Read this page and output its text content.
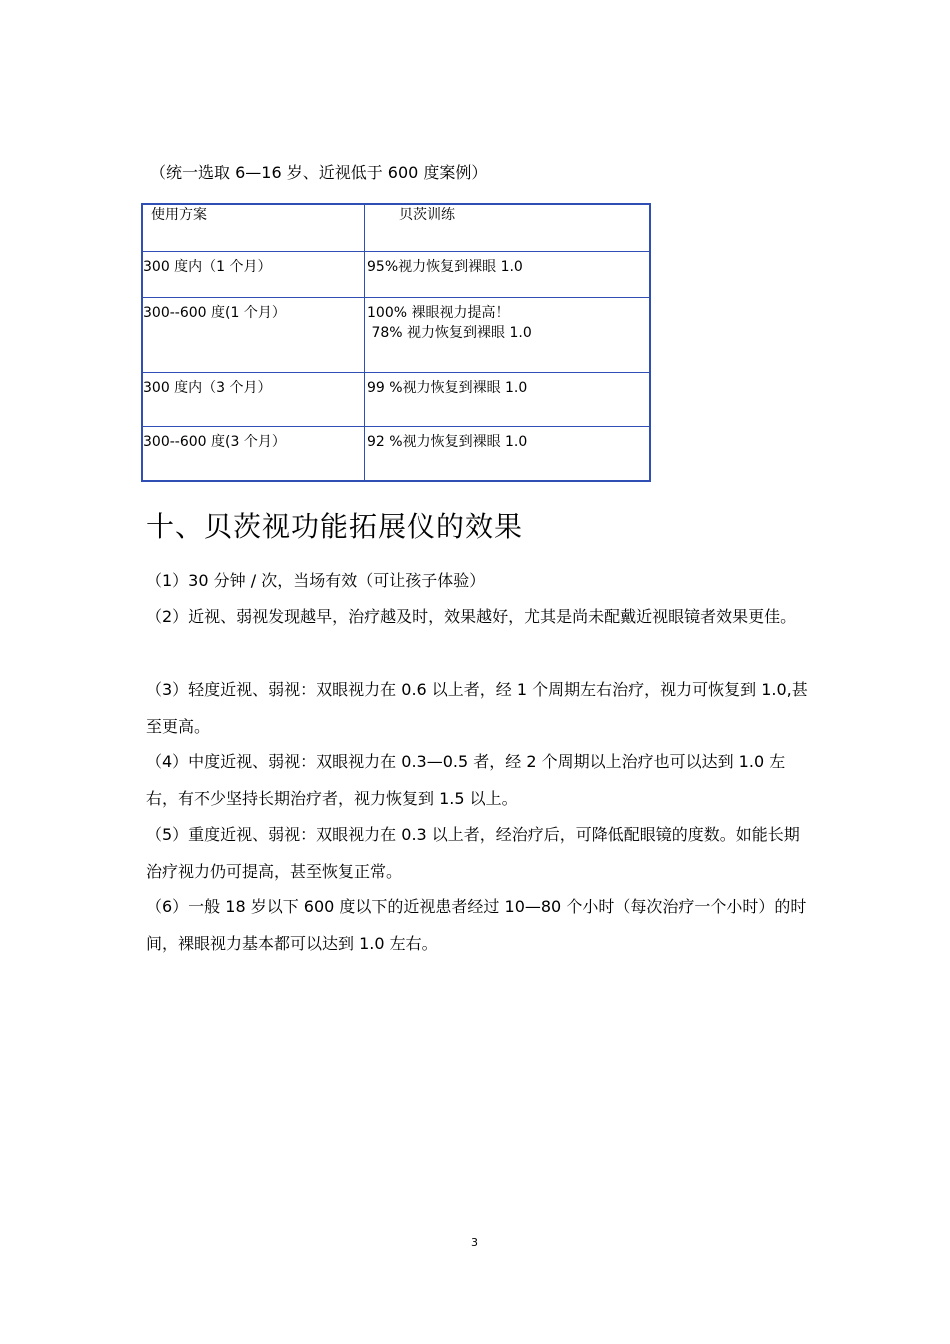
（统一选取 6—16 岁、近视低于 600 度案例）
使用方案	贝茨训练
300 度内（1 个月）	95%视力恢复到裸眼 1.0
300--600 度(1 个月）	100% 裸眼视力提高！
78% 视力恢复到裸眼 1.0
300 度内（3 个月）	99 %视力恢复到裸眼 1.0
300--600 度(3 个月）	92 %视力恢复到裸眼 1.0
十、贝茨视功能拓展仪的效果
（1）30 分钟 / 次，当场有效（可让孩子体验）
（2）近视、弱视发现越早，治疗越及时，效果越好，尤其是尚未配戴近视眼镜者效果更佳。
（3）轻度近视、弱视：双眼视力在 0.6 以上者，经 1 个周期左右治疗，视力可恢复到 1.0,甚至更高。
（4）中度近视、弱视：双眼视力在 0.3—0.5 者，经 2 个周期以上治疗也可以达到 1.0 左右，有不少坚持长期治疗者，视力恢复到 1.5 以上。
（5）重度近视、弱视：双眼视力在 0.3 以上者，经治疗后，可降低配眼镜的度数。如能长期治疗视力仍可提高，甚至恢复正常。
（6）一般 18 岁以下 600 度以下的近视患者经过 10—80 个小时（每次治疗一个小时）的时间，裸眼视力基本都可以达到 1.0 左右。
3
